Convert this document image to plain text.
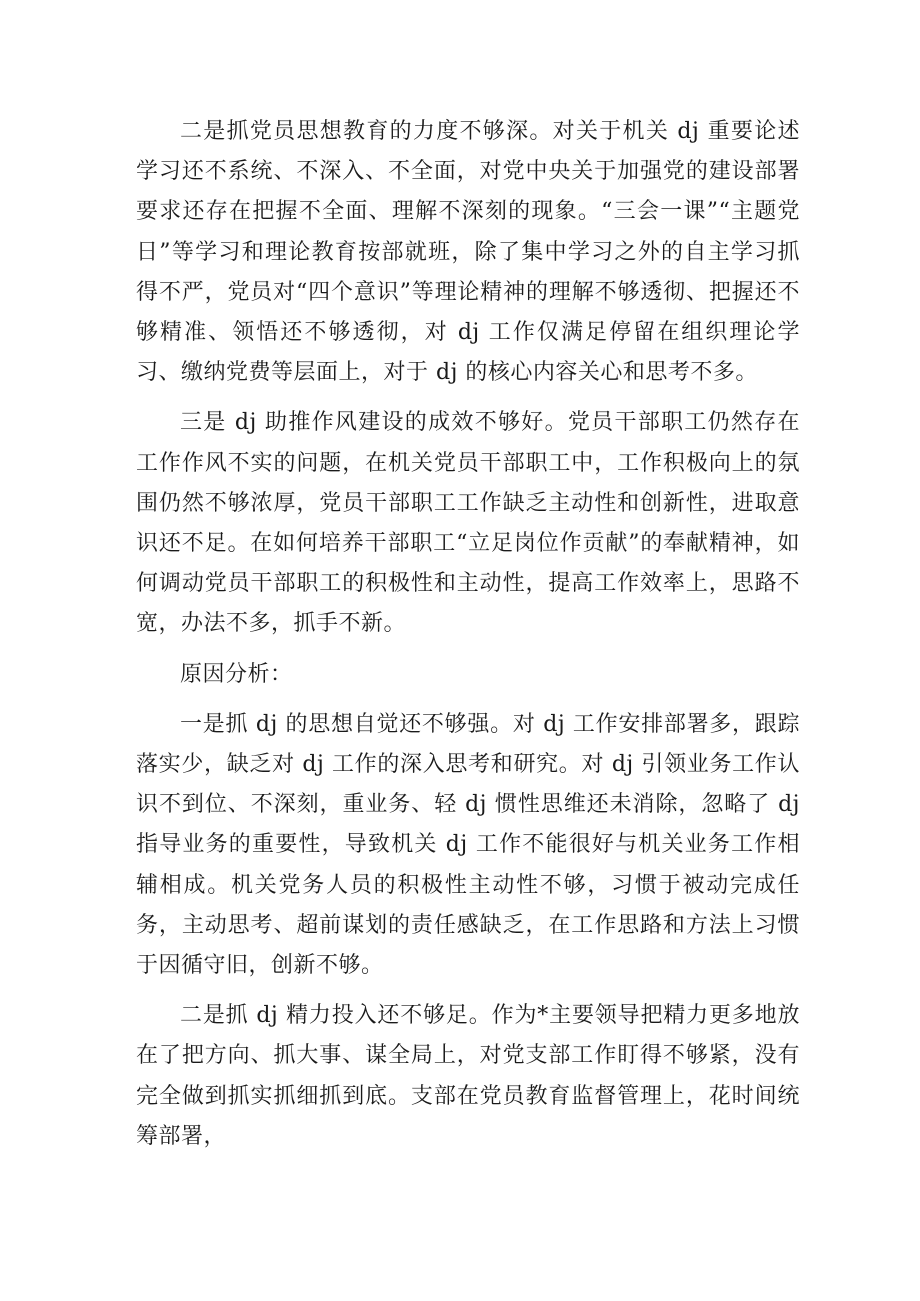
二是抓党员思想教育的力度不够深。对关于机关 dj 重要论述学习还不系统、不深入、不全面，对党中央关于加强党的建设部署要求还存在把握不全面、理解不深刻的现象。“三会一课”“主题党日”等学习和理论教育按部就班，除了集中学习之外的自主学习抓得不严，党员对“四个意识”等理论精神的理解不够透彻、把握还不够精准、领悟还不够透彻，对 dj 工作仅满足停留在组织理论学习、缴纳党费等层面上，对于 dj 的核心内容关心和思考不多。

三是 dj 助推作风建设的成效不够好。党员干部职工仍然存在工作作风不实的问题，在机关党员干部职工中，工作积极向上的氛围仍然不够浓厚，党员干部职工工作缺乏主动性和创新性，进取意识还不足。在如何培养干部职工“立足岗位作贡献”的奉献精神，如何调动党员干部职工的积极性和主动性，提高工作效率上，思路不宽，办法不多，抓手不新。

原因分析：

一是抓 dj 的思想自觉还不够强。对 dj 工作安排部署多，跟踪落实少，缺乏对 dj 工作的深入思考和研究。对 dj 引领业务工作认识不到位、不深刻，重业务、轻 dj 惯性思维还未消除，忽略了 dj 指导业务的重要性，导致机关 dj 工作不能很好与机关业务工作相辅相成。机关党务人员的积极性主动性不够，习惯于被动完成任务，主动思考、超前谋划的责任感缺乏，在工作思路和方法上习惯于因循守旧，创新不够。

二是抓 dj 精力投入还不够足。作为*主要领导把精力更多地放在了把方向、抓大事、谋全局上，对党支部工作盯得不够紧，没有完全做到抓实抓细抓到底。支部在党员教育监督管理上，花时间统筹部署，
